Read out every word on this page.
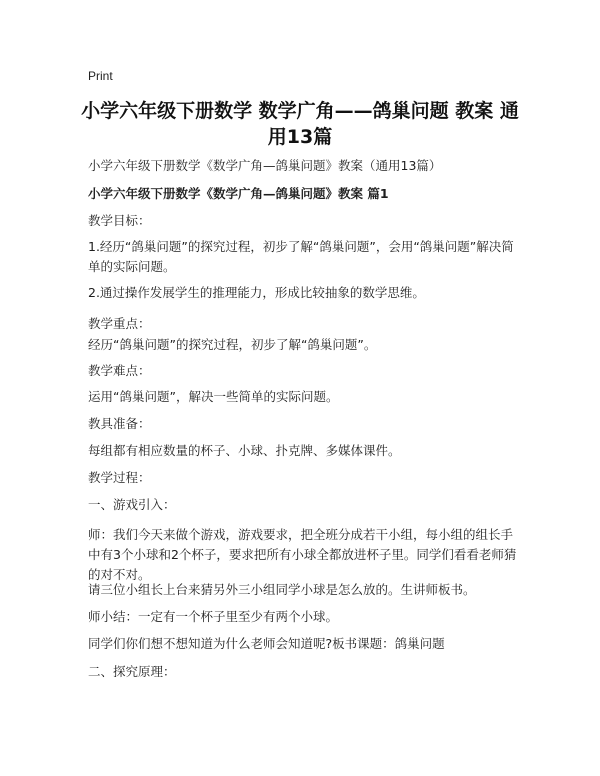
Print
小学六年级下册数学 数学广角——鸽巢问题 教案 通用13篇
小学六年级下册数学《数学广角—鸽巢问题》教案（通用13篇）
小学六年级下册数学《数学广角—鸽巢问题》教案 篇1
教学目标：
1.经历“鸽巢问题”的探究过程，初步了解“鸽巢问题”，会用“鸽巢问题”解决简单的实际问题。
2.通过操作发展学生的推理能力，形成比较抽象的数学思维。
教学重点：
经历“鸽巢问题”的探究过程，初步了解“鸽巢问题”。
教学难点：
运用“鸽巢问题”，解决一些简单的实际问题。
教具准备：
每组都有相应数量的杯子、小球、扑克牌、多媒体课件。
教学过程：
一、游戏引入：
师：我们今天来做个游戏，游戏要求，把全班分成若干小组，每小组的组长手中有3个小球和2个杯子，要求把所有小球全都放进杯子里。同学们看看老师猜的对不对。
请三位小组长上台来猜另外三小组同学小球是怎么放的。生讲师板书。
师小结：一定有一个杯子里至少有两个小球。
同学们你们想不想知道为什么老师会知道呢?板书课题：鸽巢问题
二、探究原理：
